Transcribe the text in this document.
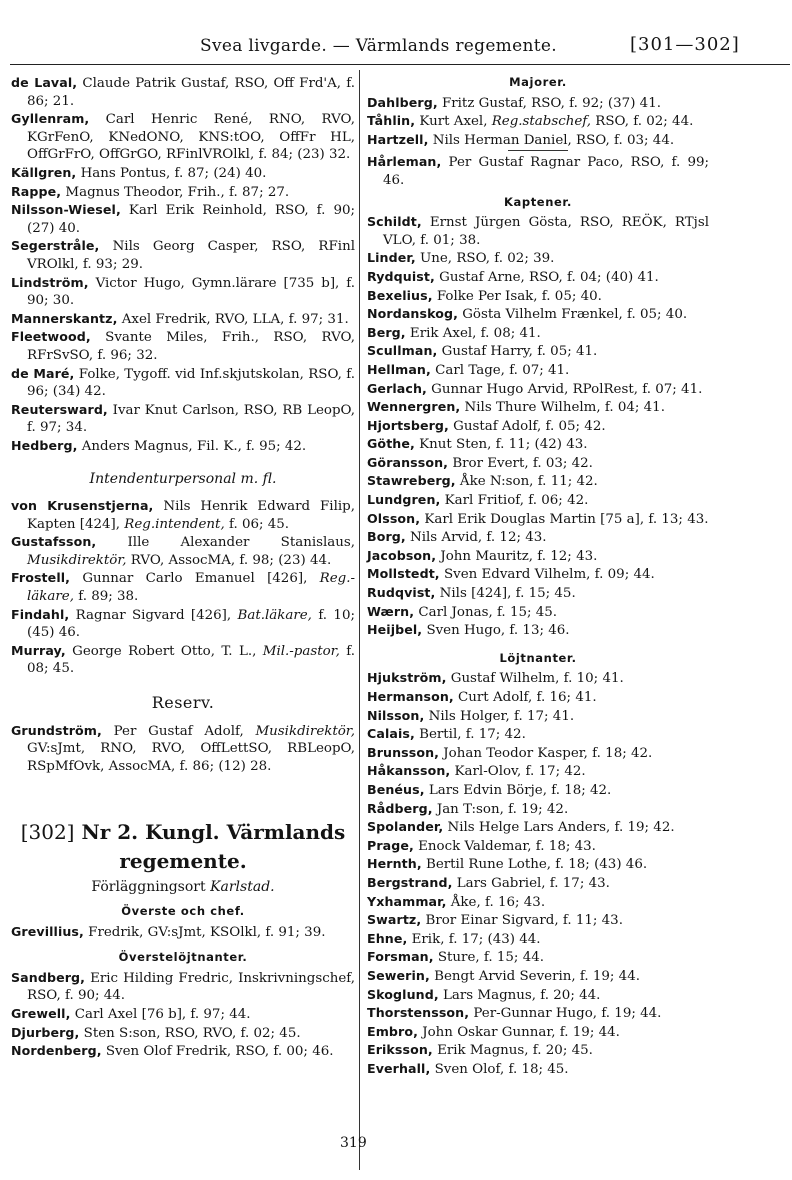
Svea livgarde. — Värmlands regemente.	[301—302]

de Laval, Claude Patrik Gustaf, RSO, Off Frd'A, f. 86; 21.

Gyllenram, Carl Henric René, RNO, RVO, KGrFenO, KNedONO, KNS:tOO, OffFr HL, OffGrFrO, OffGrGO, RFinlVROlkl, f. 84; (23) 32.

Källgren, Hans Pontus, f. 87; (24) 40.

Rappe, Magnus Theodor, Frih., f. 87; 27.

Nilsson-Wiesel, Karl Erik Reinhold, RSO, f. 90; (27) 40.

Segerstråle, Nils Georg Casper, RSO, RFinl VROlkl, f. 93; 29.

Lindström, Victor Hugo, Gymn.lärare [735 b], f. 90; 30.

Mannerskantz, Axel Fredrik, RVO, LLA, f. 97; 31.

Fleetwood, Svante Miles, Frih., RSO, RVO, RFrSvSO, f. 96; 32.

de Maré, Folke, Tygoff. vid Inf.skjutskolan, RSO, f. 96; (34) 42.

Reutersward, Ivar Knut Carlson, RSO, RB LeopO, f. 97; 34.

Hedberg, Anders Magnus, Fil. K., f. 95; 42.

Intendenturpersonal m. fl.

von Krusenstjerna, Nils Henrik Edward Filip, Kapten [424], Reg.intendent, f. 06; 45.

Gustafsson, Ille Alexander Stanislaus, Musikdirektör, RVO, AssocMA, f. 98; (23) 44.

Frostell, Gunnar Carlo Emanuel [426], Reg.-läkare, f. 89; 38.

Findahl, Ragnar Sigvard [426], Bat.läkare, f. 10; (45) 46.

Murray, George Robert Otto, T. L., Mil.-pastor, f. 08; 45.

Reserv.

Grundström, Per Gustaf Adolf, Musikdirektör, GV:sJmt, RNO, RVO, OffLettSO, RBLeopO, RSpMfOvk, AssocMA, f. 86; (12) 28.

[302] Nr 2. Kungl. Värmlands

regemente.

Förläggningsort Karlstad.

Överste och chef.

Grevillius, Fredrik, GV:sJmt, KSOlkl, f. 91; 39.

Överstelöjtnanter.

Sandberg, Eric Hilding Fredric, Inskrivningschef, RSO, f. 90; 44.

Grewell, Carl Axel [76 b], f. 97; 44.

Djurberg, Sten S:son, RSO, RVO, f. 02; 45.

Nordenberg, Sven Olof Fredrik, RSO, f. 00; 46.

Majorer.

Dahlberg, Fritz Gustaf, RSO, f. 92; (37) 41.

Tåhlin, Kurt Axel, Reg.stabschef, RSO, f. 02; 44.

Hartzell, Nils Herman Daniel, RSO, f. 03; 44.

Hårleman, Per Gustaf Ragnar Paco, RSO, f. 99; 46.

Kaptener.

Schildt, Ernst Jürgen Gösta, RSO, REÖK, RTjsl VLO, f. 01; 38.

Linder, Une, RSO, f. 02; 39.

Rydquist, Gustaf Arne, RSO, f. 04; (40) 41.

Bexelius, Folke Per Isak, f. 05; 40.

Nordanskog, Gösta Vilhelm Frænkel, f. 05; 40.

Berg, Erik Axel, f. 08; 41.

Scullman, Gustaf Harry, f. 05; 41.

Hellman, Carl Tage, f. 07; 41.

Gerlach, Gunnar Hugo Arvid, RPolRest, f. 07; 41.

Wennergren, Nils Thure Wilhelm, f. 04; 41.

Hjortsberg, Gustaf Adolf, f. 05; 42.

Göthe, Knut Sten, f. 11; (42) 43.

Göransson, Bror Evert, f. 03; 42.

Stawreberg, Åke N:son, f. 11; 42.

Lundgren, Karl Fritiof, f. 06; 42.

Olsson, Karl Erik Douglas Martin [75 a], f. 13; 43.

Borg, Nils Arvid, f. 12; 43.

Jacobson, John Mauritz, f. 12; 43.

Mollstedt, Sven Edvard Vilhelm, f. 09; 44.

Rudqvist, Nils [424], f. 15; 45.

Wærn, Carl Jonas, f. 15; 45.

Heijbel, Sven Hugo, f. 13; 46.

Löjtnanter.

Hjukström, Gustaf Wilhelm, f. 10; 41.

Hermanson, Curt Adolf, f. 16; 41.

Nilsson, Nils Holger, f. 17; 41.

Calais, Bertil, f. 17; 42.

Brunsson, Johan Teodor Kasper, f. 18; 42.

Håkansson, Karl-Olov, f. 17; 42.

Benéus, Lars Edvin Börje, f. 18; 42.

Rådberg, Jan T:son, f. 19; 42.

Spolander, Nils Helge Lars Anders, f. 19; 42.

Prage, Enock Valdemar, f. 18; 43.

Hernth, Bertil Rune Lothe, f. 18; (43) 46.

Bergstrand, Lars Gabriel, f. 17; 43.

Yxhammar, Åke, f. 16; 43.

Swartz, Bror Einar Sigvard, f. 11; 43.

Ehne, Erik, f. 17; (43) 44.

Forsman, Sture, f. 15; 44.

Sewerin, Bengt Arvid Severin, f. 19; 44.

Skoglund, Lars Magnus, f. 20; 44.

Thorstensson, Per-Gunnar Hugo, f. 19; 44.

Embro, John Oskar Gunnar, f. 19; 44.

Eriksson, Erik Magnus, f. 20; 45.

Everhall, Sven Olof, f. 18; 45.

319
